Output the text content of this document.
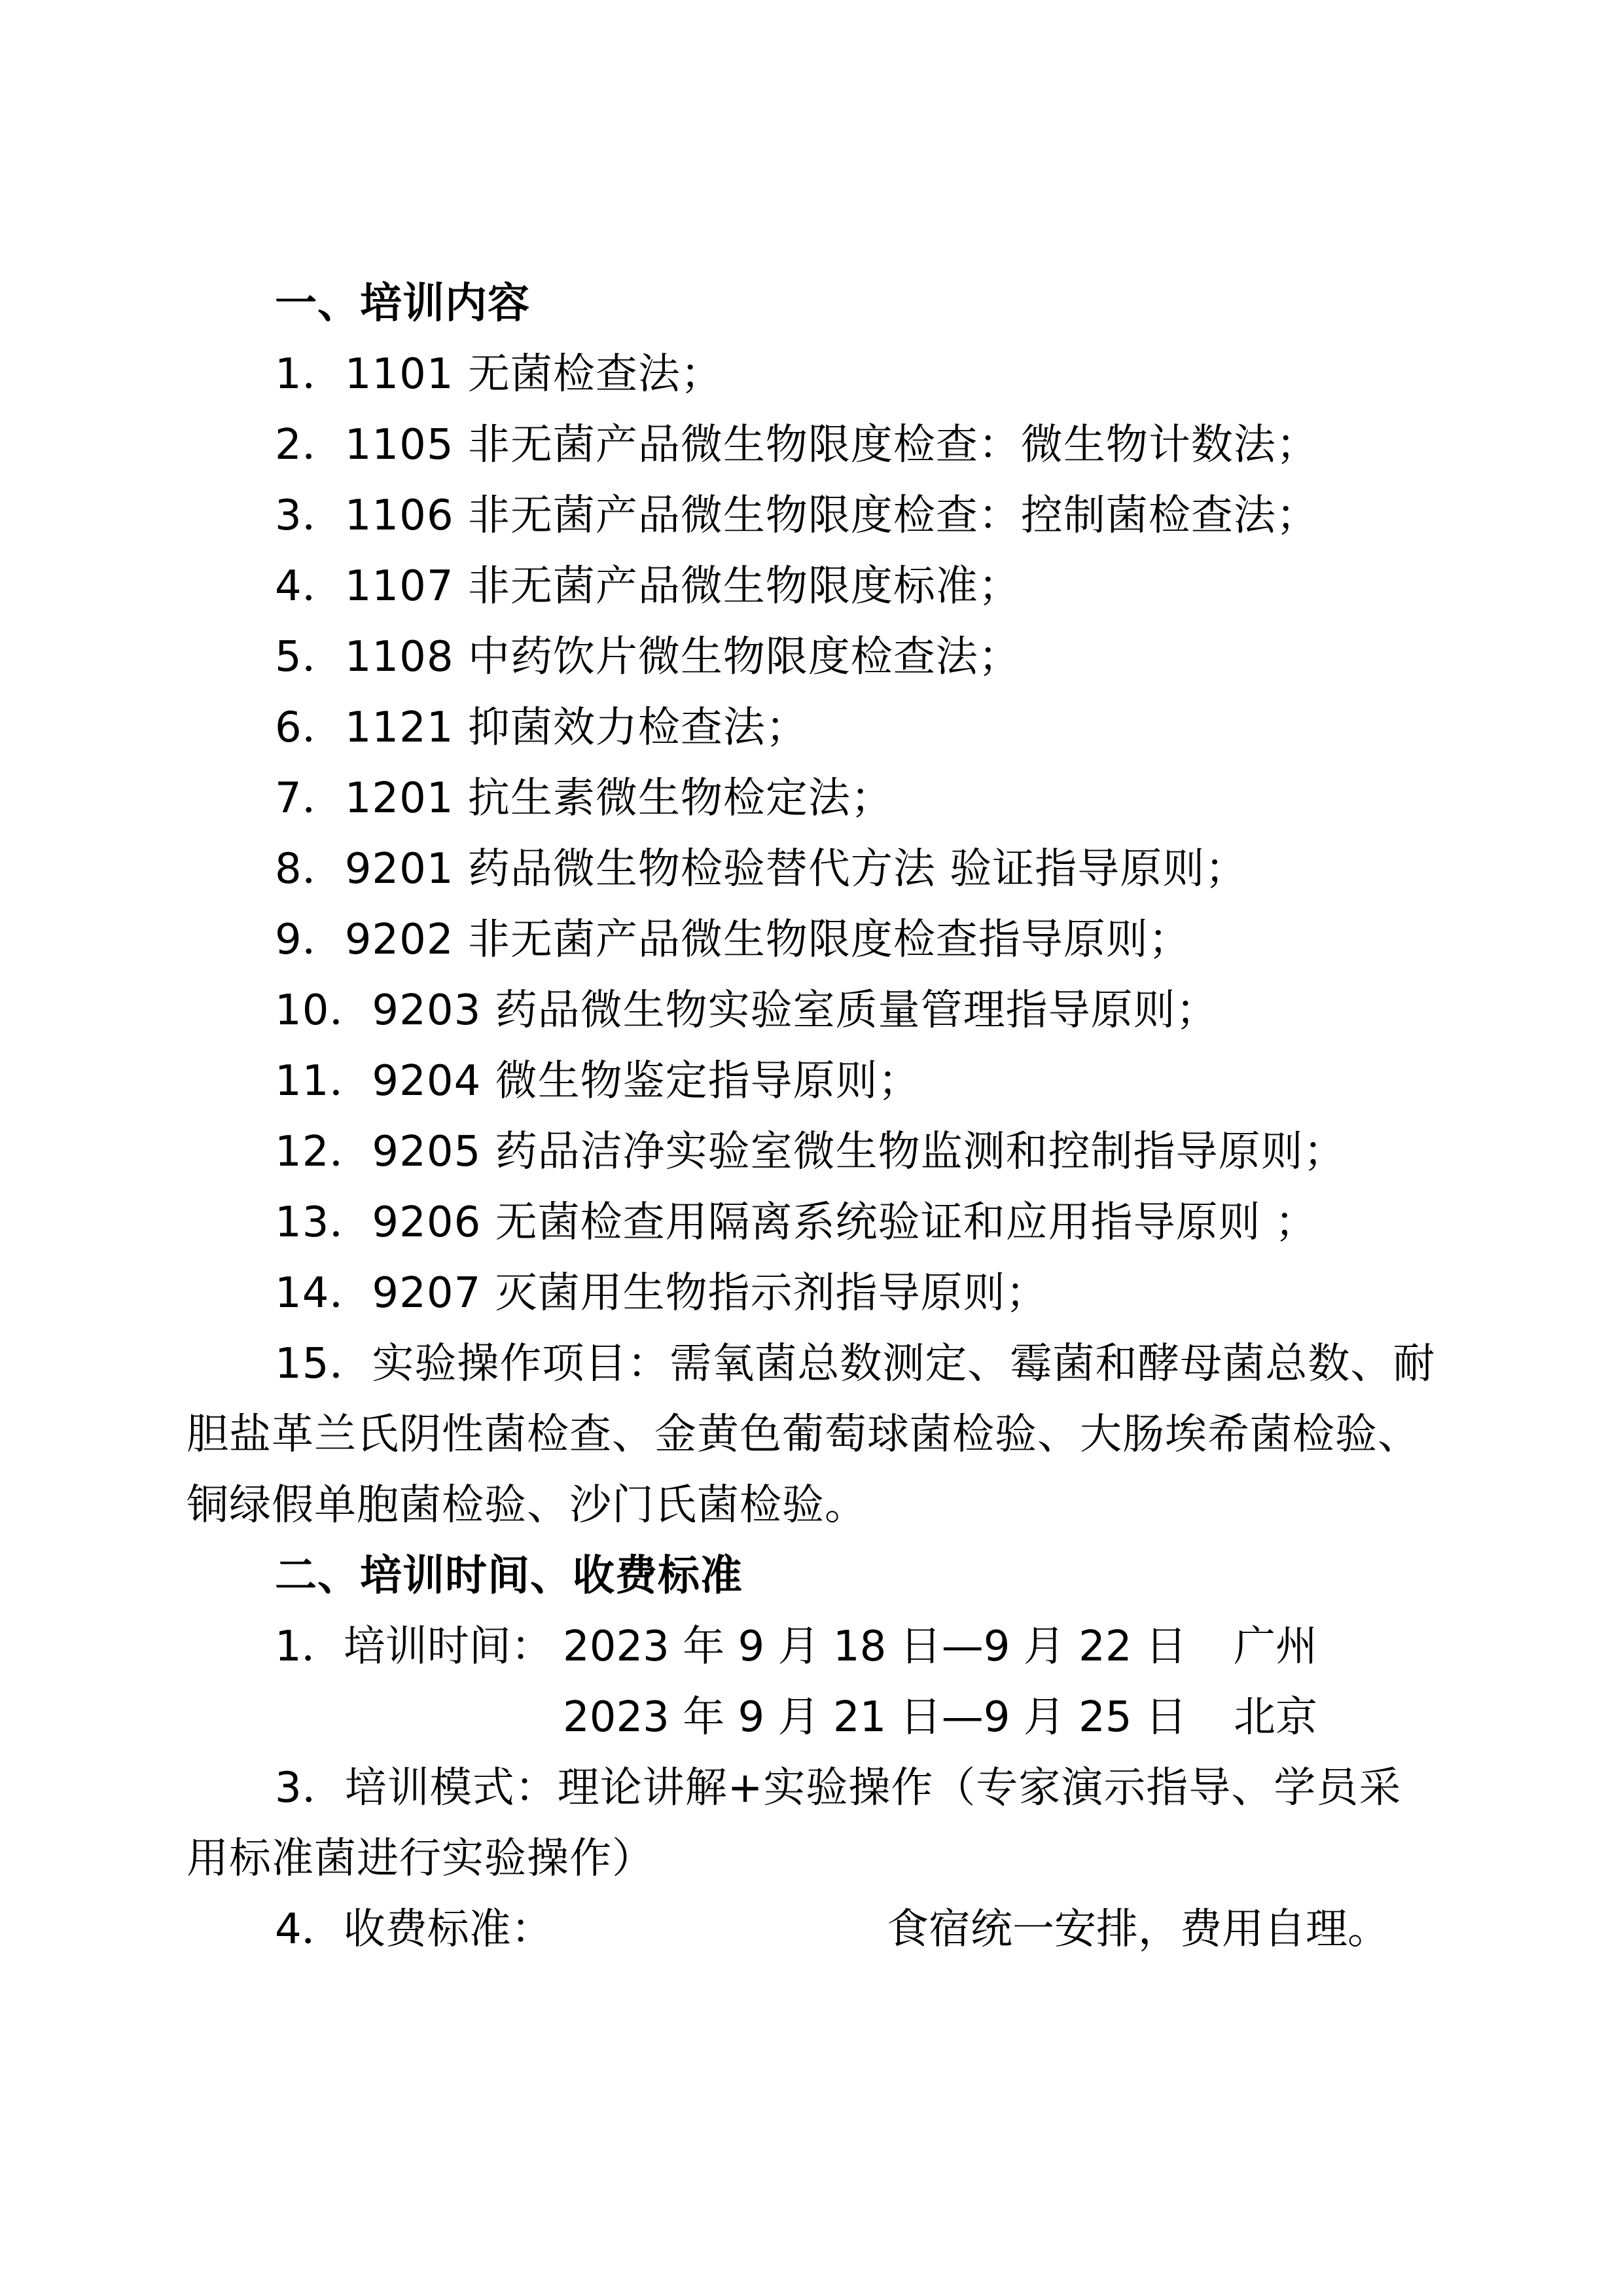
一、培训内容
1．1101 无菌检查法；
2．1105 非无菌产品微生物限度检查：微生物计数法；
3．1106 非无菌产品微生物限度检查：控制菌检查法；
4．1107 非无菌产品微生物限度标准；
5．1108 中药饮片微生物限度检查法；
6．1121 抑菌效力检查法；
7．1201 抗生素微生物检定法；
8．9201 药品微生物检验替代方法 验证指导原则；
9．9202 非无菌产品微生物限度检查指导原则；
10．9203 药品微生物实验室质量管理指导原则；
11．9204 微生物鉴定指导原则；
12．9205 药品洁净实验室微生物监测和控制指导原则；
13．9206 无菌检查用隔离系统验证和应用指导原则 ；
14．9207 灭菌用生物指示剂指导原则；
15．实验操作项目：需氧菌总数测定、霉菌和酵母菌总数、耐
胆盐革兰氏阴性菌检查、金黄色葡萄球菌检验、大肠埃希菌检验、
铜绿假单胞菌检验、沙门氏菌检验。
二、培训时间、收费标准
1．培训时间： 2023 年 9 月 18 日—9 月 22 日 广州
2023 年 9 月 21 日—9 月 25 日 北京
3．培训模式：理论讲解+实验操作（专家演示指导、学员采
用标准菌进行实验操作）
4．收费标准：	食宿统一安排，费用自理。
